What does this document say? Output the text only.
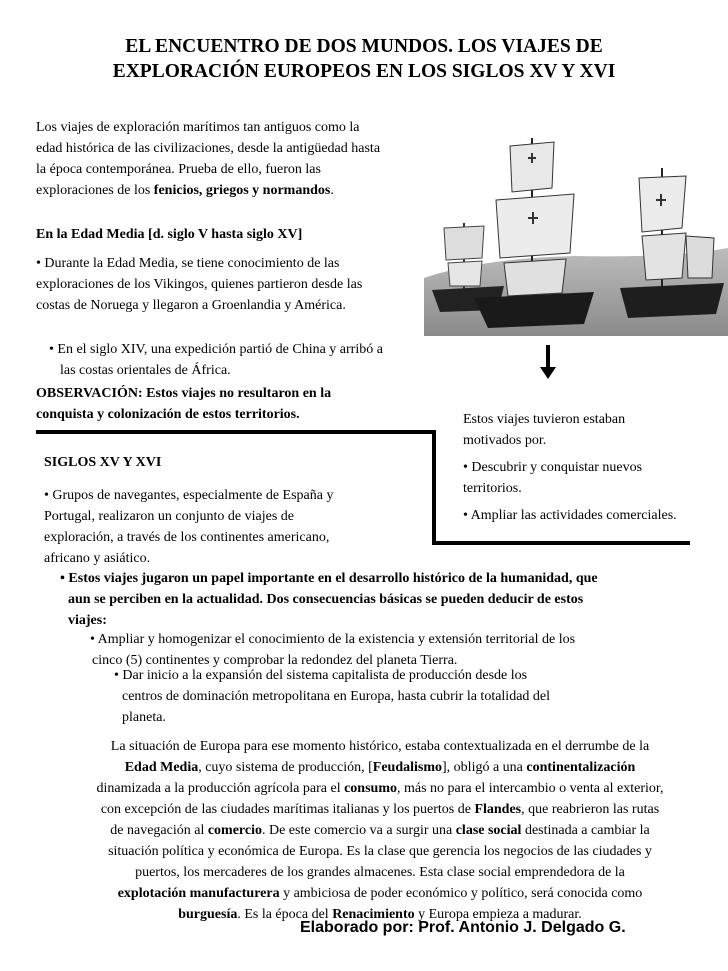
EL ENCUENTRO DE DOS MUNDOS. LOS VIAJES DE
EXPLORACIÓN EUROPEOS EN LOS SIGLOS XV Y XVI
Los viajes de exploración marítimos tan antiguos como la
edad histórica de las civilizaciones, desde la antigüedad hasta
la época contemporánea. Prueba de ello, fueron las
exploraciones de los fenicios, griegos y normandos.
En la Edad Media [d. siglo V hasta siglo XV]
• Durante la Edad Media, se tiene conocimiento de las
exploraciones de los Vikingos, quienes partieron desde las
costas de Noruega y llegaron a Groenlandia y América.
• En el siglo XIV, una expedición partió de China y arribó a
las costas orientales de África.
OBSERVACIÓN: Estos viajes no resultaron en la
conquista y colonización de estos territorios.	Estos viajes tuvieron estaban
motivados por.
• Descubrir y conquistar nuevos
territorios.
• Ampliar las actividades comerciales.
SIGLOS XV Y XVI
• Grupos de navegantes, especialmente de España y
Portugal, realizaron un conjunto de viajes de
exploración, a través de los continentes americano,
africano y asiático.
• Estos viajes jugaron un papel importante en el desarrollo histórico de la humanidad, que
aun se perciben en la actualidad. Dos consecuencias básicas se pueden deducir de estos
viajes:
• Ampliar y homogenizar el conocimiento de la existencia y extensión territorial de los
cinco (5) continentes y comprobar la redondez del planeta Tierra.
• Dar inicio a la expansión del sistema capitalista de producción desde los
centros de dominación metropolitana en Europa, hasta cubrir la totalidad del
planeta.
La situación de Europa para ese momento histórico, estaba contextualizada en el derrumbe de la
Edad Media, cuyo sistema de producción, [Feudalismo], obligó a una continentalización
dinamizada a la producción agrícola para el consumo, más no para el intercambio o venta al exterior,
con excepción de las ciudades marítimas italianas y los puertos de Flandes, que reabrieron las rutas
de navegación al comercio. De este comercio va a surgir una clase social destinada a cambiar la
situación política y económica de Europa. Es la clase que gerencia los negocios de las ciudades y
puertos, los mercaderes de los grandes almacenes. Esta clase social emprendedora de la
explotación manufacturera y ambiciosa de poder económico y político, será conocida como
burguesía. Es la época del Renacimiento y Europa empieza a madurar.
Elaborado por: Prof. Antonio J. Delgado G.
